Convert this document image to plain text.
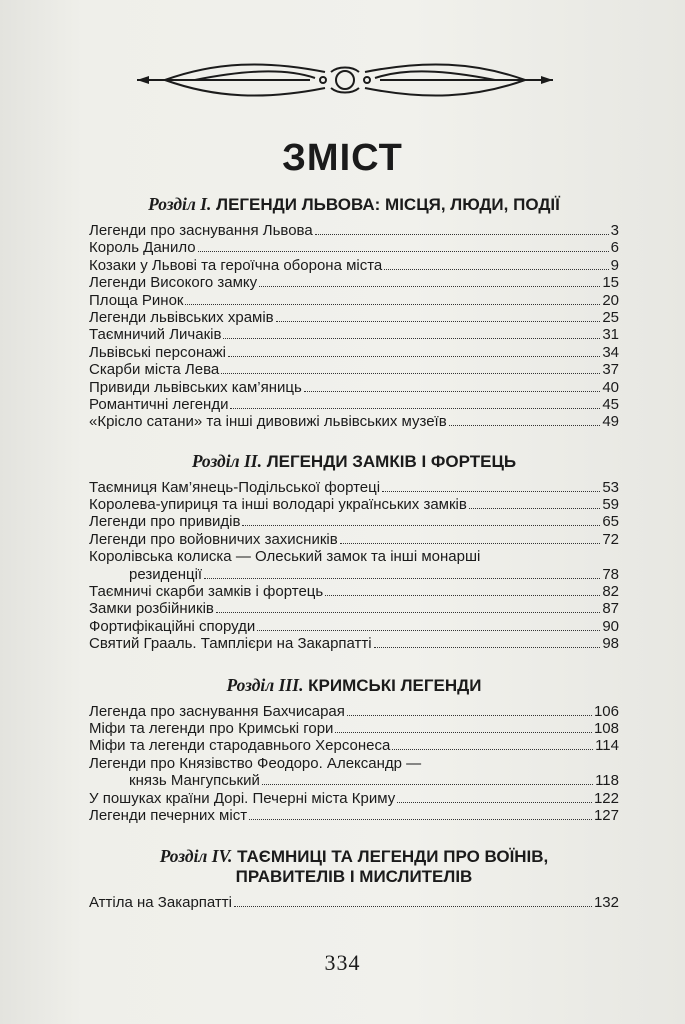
ЗМІСТ
Розділ I. ЛЕГЕНДИ ЛЬВОВА: МІСЦЯ, ЛЮДИ, ПОДІЇ
Легенди про заснування Львова	3
Король Данило	6
Козаки у Львові та героїчна оборона міста	9
Легенди Високого замку	15
Площа Ринок	20
Легенди львівських храмів	25
Таємничий Личаків	31
Львівські персонажі	34
Скарби міста Лева	37
Привиди львівських кам’яниць	40
Романтичні легенди	45
«Крісло сатани» та інші дивовижі львівських музеїв	49
Розділ II. ЛЕГЕНДИ ЗАМКІВ І ФОРТЕЦЬ
Таємниця Кам’янець-Подільської фортеці	53
Королева-упириця та інші володарі українських замків	59
Легенди про привидів	65
Легенди про войовничих захисників	72
Королівська колиска — Олеський замок та інші монарші
резиденції	78
Таємничі скарби замків і фортець	82
Замки розбійників	87
Фортифікаційні споруди	90
Святий Грааль. Тамплієри на Закарпатті	98
Розділ III. КРИМСЬКІ ЛЕГЕНДИ
Легенда про заснування Бахчисарая	106
Міфи та легенди про Кримські гори	108
Міфи та легенди стародавнього Херсонеса	114
Легенди про Князівство Феодоро. Александр —
князь Мангупський	118
У пошуках країни Дорі. Печерні міста Криму	122
Легенди печерних міст	127
Розділ IV. ТАЄМНИЦІ ТА ЛЕГЕНДИ ПРО ВОЇНІВ,
ПРАВИТЕЛІВ І МИСЛИТЕЛІВ
Аттіла на Закарпатті	132
334
